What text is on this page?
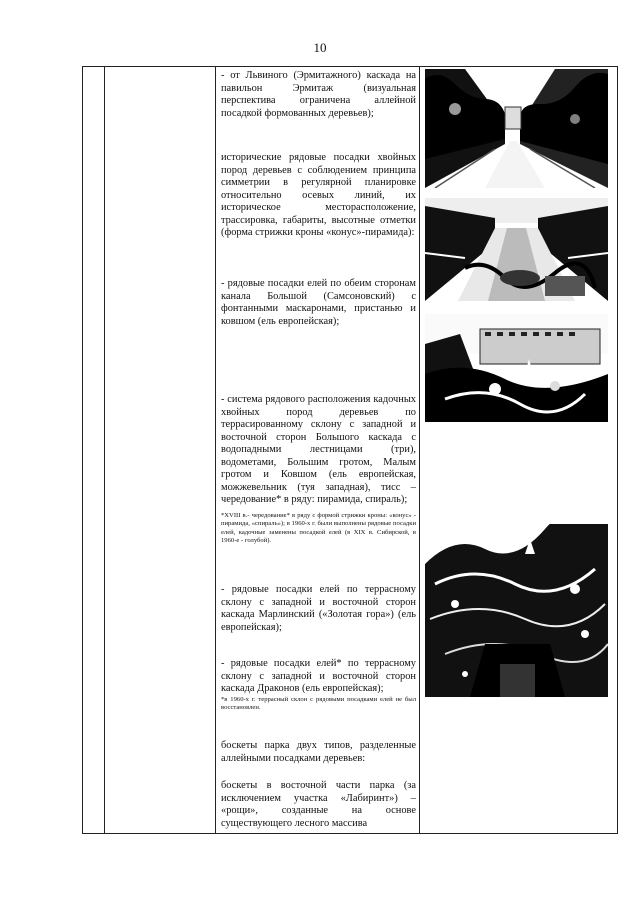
10
- от Львиного (Эрмитажного) каскада на павильон Эрмитаж (визуальная перспектива ограничена аллейной посадкой формованных деревьев);
исторические рядовые посадки хвойных пород деревьев с соблюдением принципа симметрии в регулярной планировке относительно осевых линий, их историческое месторасположение, трассировка, габариты, высотные отметки (форма стрижки кроны «конус»-пирамида):
- рядовые посадки елей по обеим сторонам канала Большой (Самсоновский) с фонтанными маскаронами, пристанью и ковшом (ель европейская);
- система рядового расположения кадочных хвойных пород деревьев по террасированному склону с западной и восточной сторон Большого каскада с водопадными лестницами (три), водометами, Большим гротом, Малым гротом и Ковшом (ель европейская, можжевельник (туя западная), тисс – чередование* в ряду: пирамида, спираль);
*XVIII в.- чередование* в ряду с формой стрижки кроны: «конус» - пирамида, «спираль»); в 1960-х г. были выполнены рядовые посадки елей, кадочные заменены посадкой елей (в XIX в. Сибирской, в 1960-е - голубой).
- рядовые посадки елей по террасному склону с западной и восточной сторон каскада Марлинский («Золотая гора») (ель европейская);
- рядовые посадки елей* по террасному склону с западной и восточной сторон каскада Драконов (ель европейская);
*в 1960-х г. террасный склон с рядовыми посадками елей не был восстановлен.
боскеты парка двух типов, разделенные аллейными посадками деревьев:
боскеты в восточной части парка (за исключением участка «Лабиринт») – «рощи», созданные на основе существующего лесного массива
